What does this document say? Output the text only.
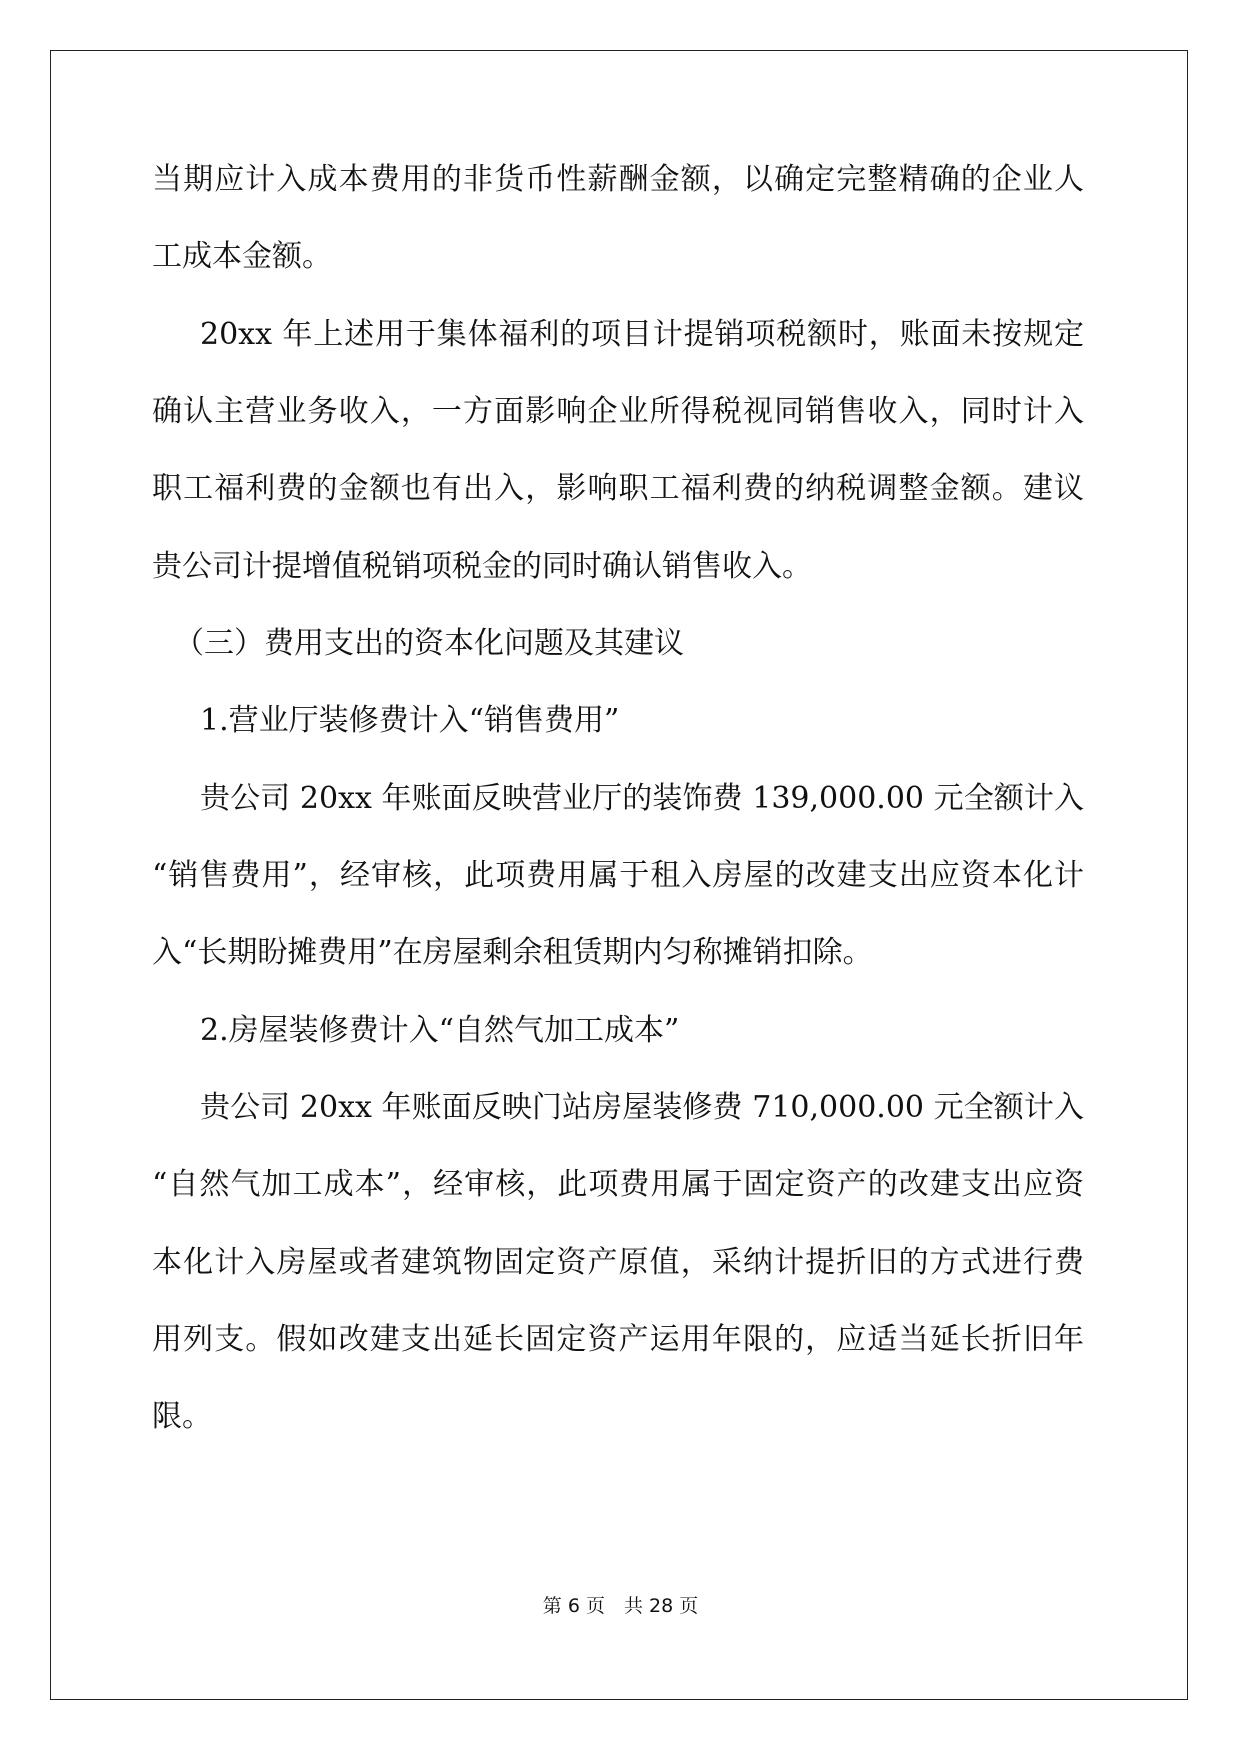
当期应计入成本费用的非货币性薪酬金额，以确定完整精确的企业人
工成本金额。
20xx 年上述用于集体福利的项目计提销项税额时，账面未按规定
确认主营业务收入，一方面影响企业所得税视同销售收入，同时计入
职工福利费的金额也有出入，影响职工福利费的纳税调整金额。建议
贵公司计提增值税销项税金的同时确认销售收入。
（三）费用支出的资本化问题及其建议
1.营业厅装修费计入“销售费用”
贵公司 20xx 年账面反映营业厅的装饰费 139,000.00 元全额计入
“销售费用”，经审核，此项费用属于租入房屋的改建支出应资本化计
入“长期盼摊费用”在房屋剩余租赁期内匀称摊销扣除。
2.房屋装修费计入“自然气加工成本”
贵公司 20xx 年账面反映门站房屋装修费 710,000.00 元全额计入
“自然气加工成本”，经审核，此项费用属于固定资产的改建支出应资
本化计入房屋或者建筑物固定资产原值，采纳计提折旧的方式进行费
用列支。假如改建支出延长固定资产运用年限的，应适当延长折旧年
限。
第 6 页　共 28 页
